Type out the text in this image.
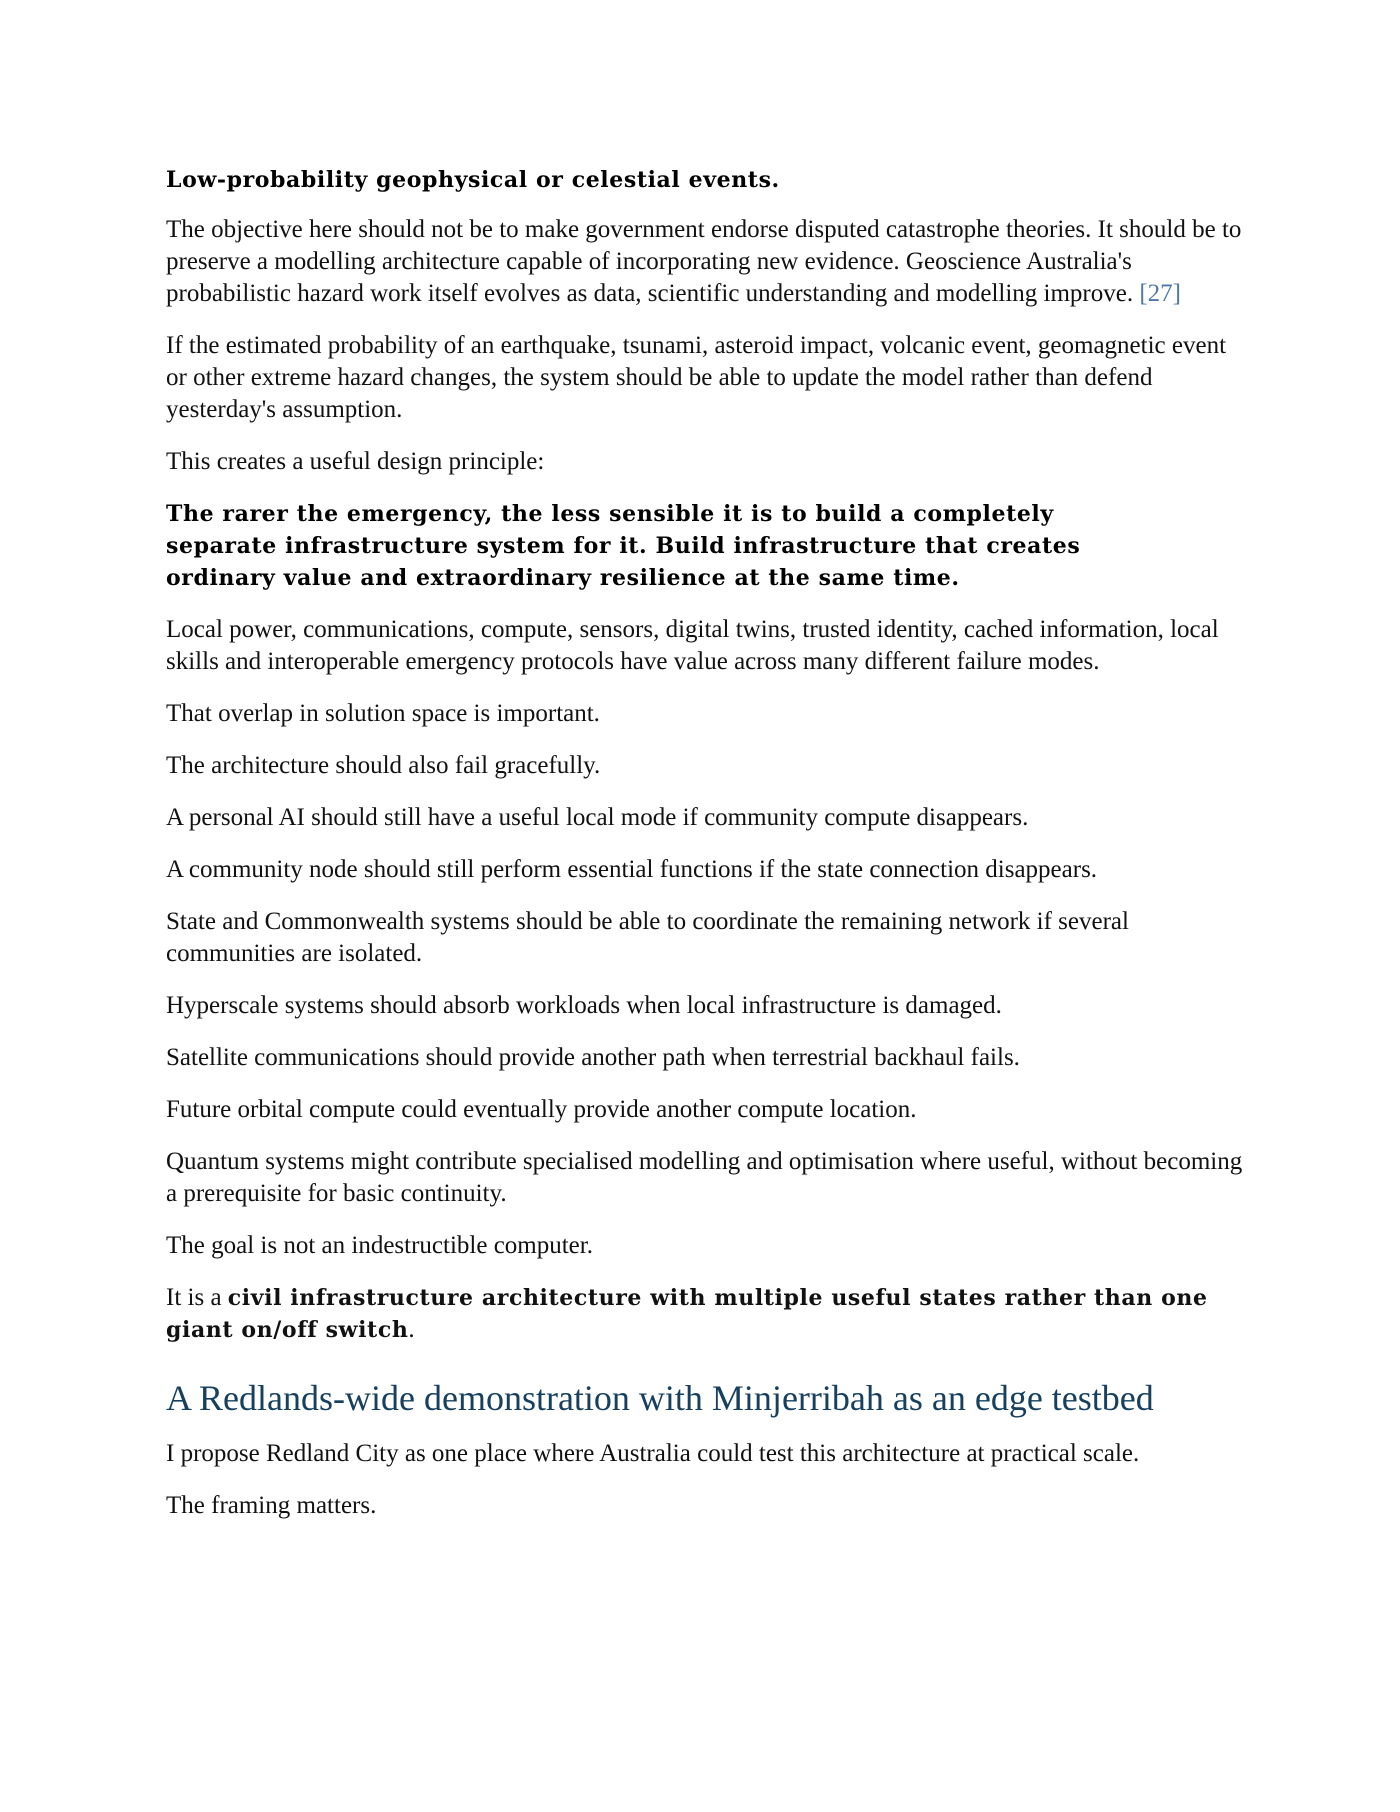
Low-probability geophysical or celestial events.

The objective here should not be to make government endorse disputed catastrophe theories. It should be to preserve a modelling architecture capable of incorporating new evidence. Geoscience Australia's probabilistic hazard work itself evolves as data, scientific understanding and modelling improve. [27]

If the estimated probability of an earthquake, tsunami, asteroid impact, volcanic event, geomagnetic event or other extreme hazard changes, the system should be able to update the model rather than defend yesterday's assumption.

This creates a useful design principle:

The rarer the emergency, the less sensible it is to build a completely separate infrastructure system for it. Build infrastructure that creates ordinary value and extraordinary resilience at the same time.

Local power, communications, compute, sensors, digital twins, trusted identity, cached information, local skills and interoperable emergency protocols have value across many different failure modes.

That overlap in solution space is important.

The architecture should also fail gracefully.

A personal AI should still have a useful local mode if community compute disappears.

A community node should still perform essential functions if the state connection disappears.

State and Commonwealth systems should be able to coordinate the remaining network if several communities are isolated.

Hyperscale systems should absorb workloads when local infrastructure is damaged.

Satellite communications should provide another path when terrestrial backhaul fails.

Future orbital compute could eventually provide another compute location.

Quantum systems might contribute specialised modelling and optimisation where useful, without becoming a prerequisite for basic continuity.

The goal is not an indestructible computer.

It is a civil infrastructure architecture with multiple useful states rather than one giant on/off switch.

A Redlands-wide demonstration with Minjerribah as an edge testbed

I propose Redland City as one place where Australia could test this architecture at practical scale.

The framing matters.
